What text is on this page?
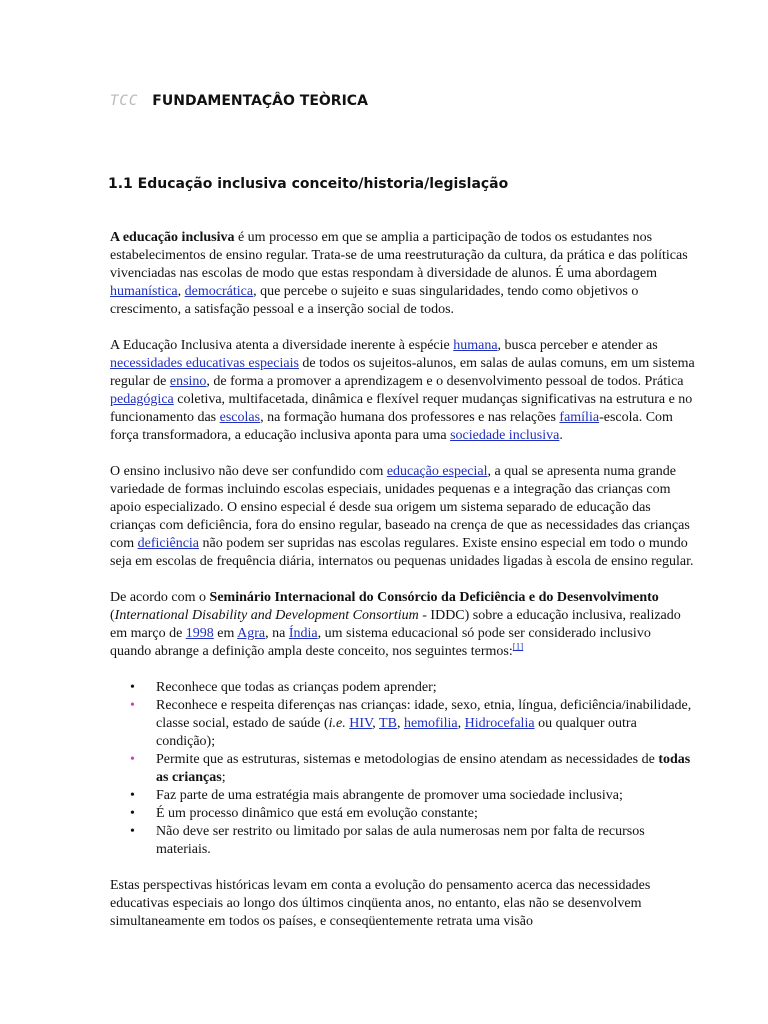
TCC FUNDAMENTAÇÂO TEÒRICA
1.1 Educação inclusiva conceito/historia/legislação

A educação inclusiva é um processo em que se amplia a participação de todos os estudantes nos estabelecimentos de ensino regular. Trata-se de uma reestruturação da cultura, da prática e das políticas vivenciadas nas escolas de modo que estas respondam à diversidade de alunos. É uma abordagem humanística, democrática, que percebe o sujeito e suas singularidades, tendo como objetivos o crescimento, a satisfação pessoal e a inserção social de todos.

A Educação Inclusiva atenta a diversidade inerente à espécie humana, busca perceber e atender as necessidades educativas especiais de todos os sujeitos-alunos, em salas de aulas comuns, em um sistema regular de ensino, de forma a promover a aprendizagem e o desenvolvimento pessoal de todos. Prática pedagógica coletiva, multifacetada, dinâmica e flexível requer mudanças significativas na estrutura e no funcionamento das escolas, na formação humana dos professores e nas relações família-escola. Com força transformadora, a educação inclusiva aponta para uma sociedade inclusiva.

O ensino inclusivo não deve ser confundido com educação especial, a qual se apresenta numa grande variedade de formas incluindo escolas especiais, unidades pequenas e a integração das crianças com apoio especializado. O ensino especial é desde sua origem um sistema separado de educação das crianças com deficiência, fora do ensino regular, baseado na crença de que as necessidades das crianças com deficiência não podem ser supridas nas escolas regulares. Existe ensino especial em todo o mundo seja em escolas de frequência diária, internatos ou pequenas unidades ligadas à escola de ensino regular.

De acordo com o Seminário Internacional do Consórcio da Deficiência e do Desenvolvimento (International Disability and Development Consortium - IDDC) sobre a educação inclusiva, realizado em março de 1998 em Agra, na Índia, um sistema educacional só pode ser considerado inclusivo quando abrange a definição ampla deste conceito, nos seguintes termos:[1]

• Reconhece que todas as crianças podem aprender;
• Reconhece e respeita diferenças nas crianças: idade, sexo, etnia, língua, deficiência/inabilidade, classe social, estado de saúde (i.e. HIV, TB, hemofilia, Hidrocefalia ou qualquer outra condição);
• Permite que as estruturas, sistemas e metodologias de ensino atendam as necessidades de todas as crianças;
• Faz parte de uma estratégia mais abrangente de promover uma sociedade inclusiva;
• É um processo dinâmico que está em evolução constante;
• Não deve ser restrito ou limitado por salas de aula numerosas nem por falta de recursos materiais.

Estas perspectivas históricas levam em conta a evolução do pensamento acerca das necessidades educativas especiais ao longo dos últimos cinqüenta anos, no entanto, elas não se desenvolvem simultaneamente em todos os países, e conseqüentemente retrata uma visão
